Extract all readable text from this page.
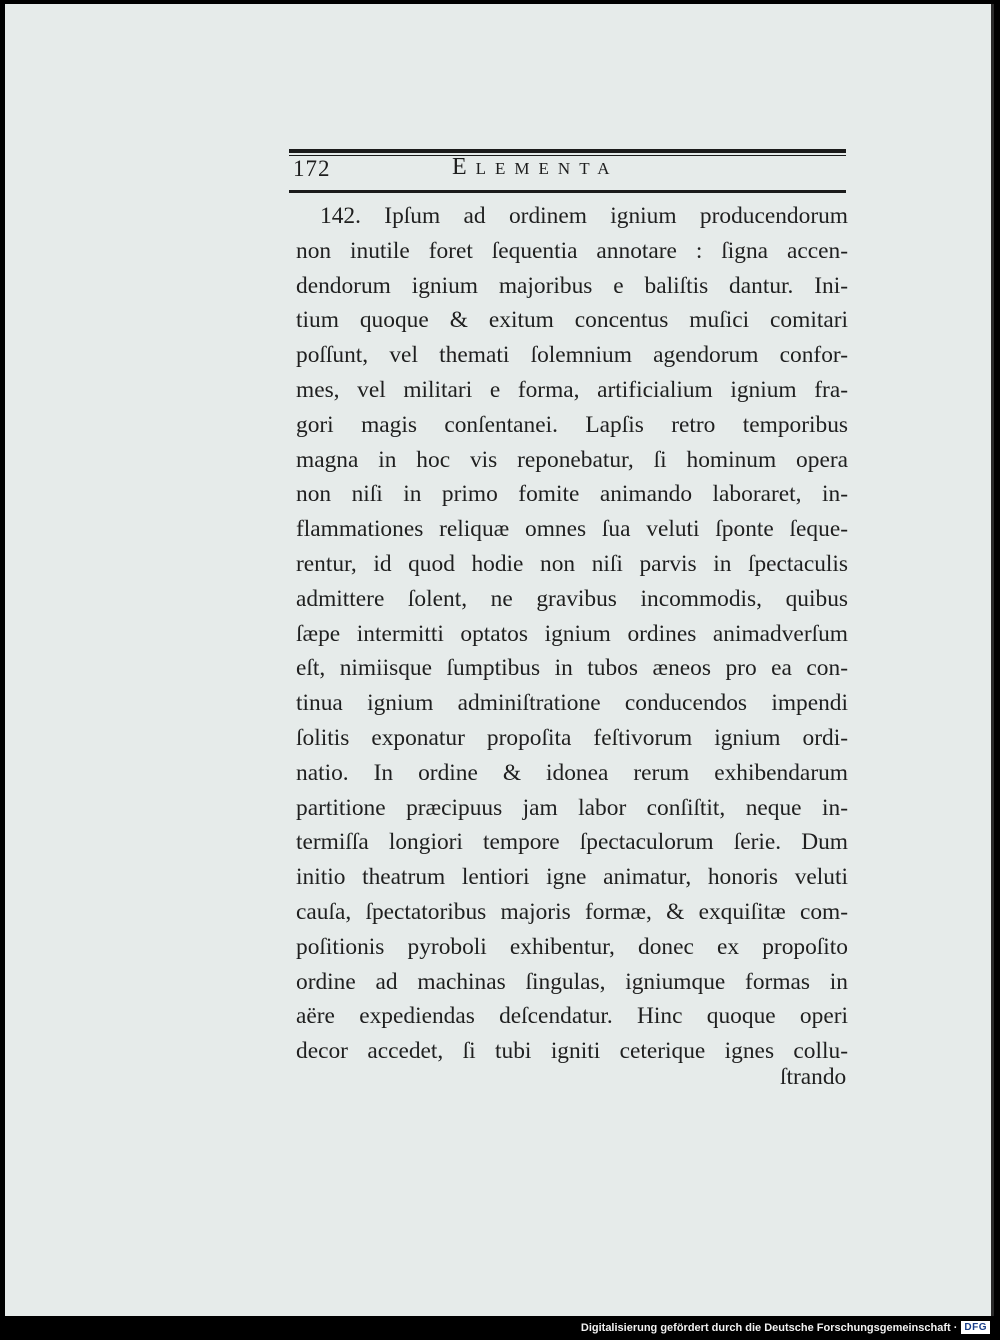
172	Elementa
142. Ipſum ad ordinem ignium producendorum
non inutile foret ſequentia annotare : ſigna accen-
dendorum ignium majoribus e baliſtis dantur. Ini-
tium quoque & exitum concentus muſici comitari
poſſunt, vel themati ſolemnium agendorum confor-
mes, vel militari e forma, artificialium ignium fra-
gori magis conſentanei. Lapſis retro temporibus
magna in hoc vis reponebatur, ſi hominum opera
non niſi in primo fomite animando laboraret, in-
flammationes reliquæ omnes ſua veluti ſponte ſeque-
rentur, id quod hodie non niſi parvis in ſpectaculis
admittere ſolent, ne gravibus incommodis, quibus
ſæpe intermitti optatos ignium ordines animadverſum
eſt, nimiisque ſumptibus in tubos æneos pro ea con-
tinua ignium adminiſtratione conducendos impendi
ſolitis exponatur propoſita feſtivorum ignium ordi-
natio. In ordine & idonea rerum exhibendarum
partitione præcipuus jam labor conſiſtit, neque in-
termiſſa longiori tempore ſpectaculorum ſerie. Dum
initio theatrum lentiori igne animatur, honoris veluti
cauſa, ſpectatoribus majoris formæ, & exquiſitæ com-
poſitionis pyroboli exhibentur, donec ex propoſito
ordine ad machinas ſingulas, igniumque formas in
aëre expediendas deſcendatur. Hinc quoque operi
decor accedet, ſi tubi igniti ceterique ignes collu-
ſtrando
Digitalisierung gefördert durch die Deutsche Forschungsgemeinschaft · DFG
